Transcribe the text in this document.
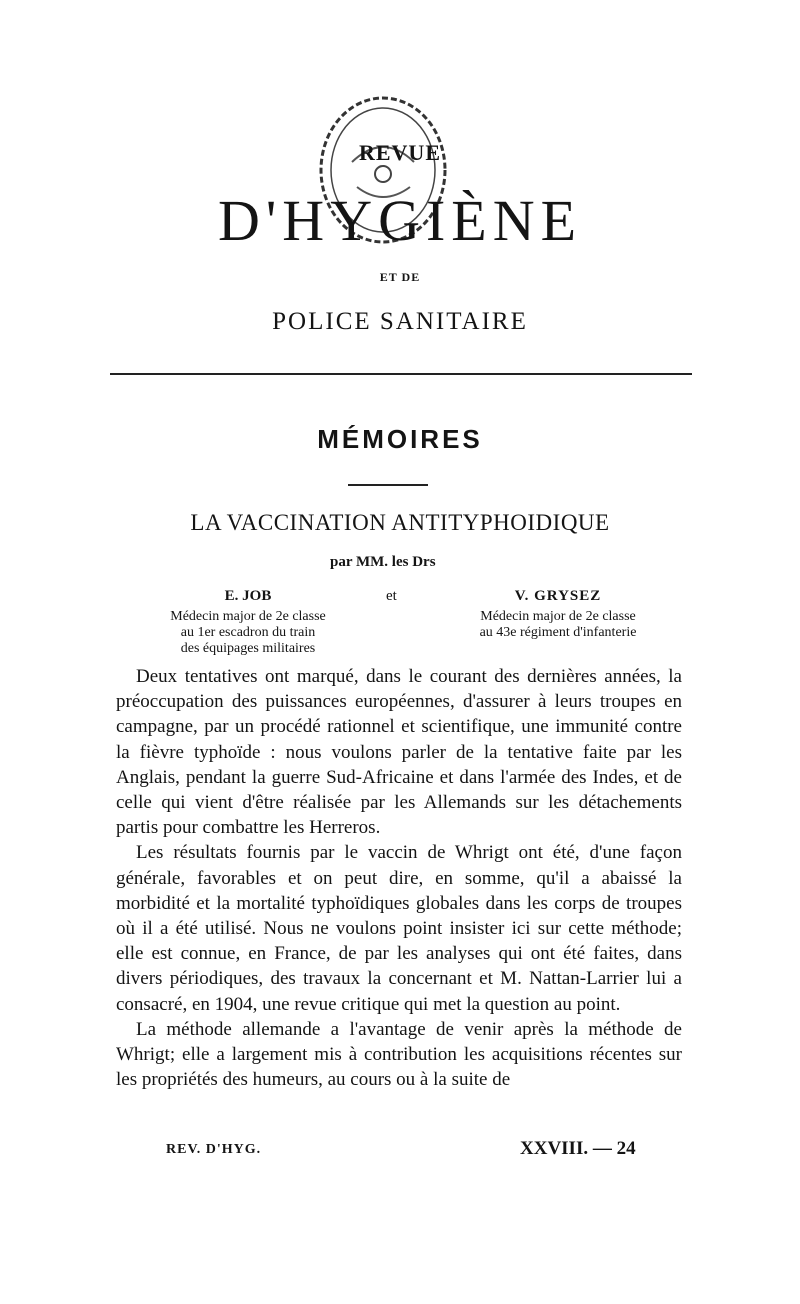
REVUE
D'HYGIÈNE
ET DE
POLICE SANITAIRE
MÉMOIRES
LA VACCINATION ANTITYPHOIDIQUE
par MM. les Drs
E. JOB
Médecin major de 2e classe
au 1er escadron du train
des équipages militaires
et	V. GRYSEZ
Médecin major de 2e classe
au 43e régiment d'infanterie

Deux tentatives ont marqué, dans le courant des dernières années, la préoccupation des puissances européennes, d'assurer à leurs troupes en campagne, par un procédé rationnel et scientifique, une immunité contre la fièvre typhoïde : nous voulons parler de la tentative faite par les Anglais, pendant la guerre Sud-Africaine et dans l'armée des Indes, et de celle qui vient d'être réalisée par les Allemands sur les détachements partis pour combattre les Herreros.

Les résultats fournis par le vaccin de Whrigt ont été, d'une façon générale, favorables et on peut dire, en somme, qu'il a abaissé la morbidité et la mortalité typhoïdiques globales dans les corps de troupes où il a été utilisé. Nous ne voulons point insister ici sur cette méthode; elle est connue, en France, de par les analyses qui ont été faites, dans divers périodiques, des travaux la concernant et M. Nattan-Larrier lui a consacré, en 1904, une revue critique qui met la question au point.

La méthode allemande a l'avantage de venir après la méthode de Whrigt; elle a largement mis à contribution les acquisitions récentes sur les propriétés des humeurs, au cours ou à la suite de

REV. D'HYG.	XXVIII. — 24
